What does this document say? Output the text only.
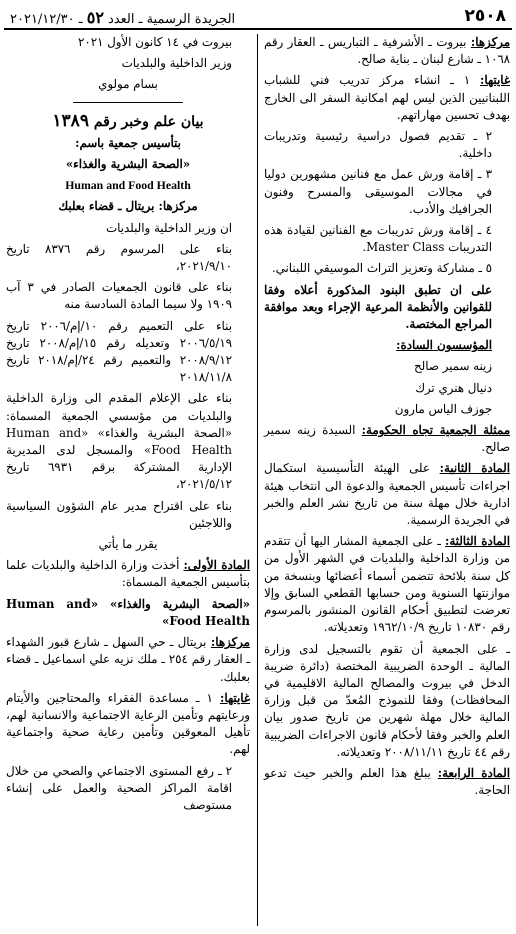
٢٥٠٨
الجريدة الرسمية ـ العدد ٥٢ ـ ٢٠٢١/١٢/٣٠

مركزها: بيروت ـ الأشرفية ـ التباريس ـ العقار رقم ١٠٦٨ ـ شارع لبنان ـ بناية صالح.

غايتها: ١ ـ انشاء مركز تدريب فني للشباب اللبنانيين الذين ليس لهم امكانية السفر الى الخارج بهدف تحسين مهاراتهم.

٢ ـ تقديم فصول دراسية رئيسية وتدريبات داخلية.

٣ ـ إقامة ورش عمل مع فنانين مشهورين دوليا في مجالات الموسيقى والمسرح وفنون الجرافيك والأدب.

٤ ـ إقامة ورش تدريبات مع الفنانين لقيادة هذه التدريبات Master Class.

٥ ـ مشاركة وتعزيز التراث الموسيقي اللبناني.

على ان تطبق البنود المذكورة أعلاه وفقا للقوانين والأنظمة المرعية الإجراء وبعد موافقة المراجع المختصة.

المؤسسون السادة:

زينه سمير صالح

دنيال هنري ترك

جوزف الياس مارون

ممثلة الجمعية تجاه الحكومة: السيدة زينه سمير صالح.

المادة الثانية: على الهيئة التأسيسية استكمال اجراءات تأسيس الجمعية والدعوة الى انتخاب هيئة ادارية خلال مهلة سنة من تاريخ نشر العلم والخبر في الجريدة الرسمية.

المادة الثالثة: ـ على الجمعية المشار اليها أن تتقدم من وزارة الداخلية والبلديات في الشهر الأول من كل سنة بلائحة تتضمن أسماء أعضائها وبنسخة من موازنتها السنوية ومن حسابها القطعي السابق وإلا تعرضت لتطبيق أحكام القانون المنشور بالمرسوم رقم ١٠٨٣٠ تاريخ ١٩٦٢/١٠/٩ وتعديلاته.

ـ على الجمعية أن تقوم بالتسجيل لدى وزارة المالية ـ الوحدة الضريبية المختصة (دائرة ضريبة الدخل في بيروت والمصالح المالية الاقليمية في المحافظات) وفقا للنموذج المُعدّ من قبل وزارة المالية خلال مهلة شهرين من تاريخ صدور بيان العلم والخبر وفقا لأحكام قانون الاجراءات الضريبية رقم ٤٤ تاريخ ٢٠٠٨/١١/١١ وتعديلاته.

المادة الرابعة: يبلغ هذا العلم والخبر حيث تدعو الحاجة.

بيروت في ١٤ كانون الأول ٢٠٢١

وزير الداخلية والبلديات

بسام مولوي

بيان علم وخبر رقم ١٣٨٩

بتأسيس جمعية باسم:

«الصحة البشرية والغذاء»

Human and Food Health

مركزها: بريتال ـ قضاء بعلبك

ان وزير الداخلية والبلديات

بناء على المرسوم رقم ٨٣٧٦ تاريخ ٢٠٢١/٩/١٠،

بناء على قانون الجمعيات الصادر في ٣ آب ١٩٠٩ ولا سيما المادة السادسة منه

بناء على التعميم رقم ١٠/إم/٢٠٠٦ تاريخ ٢٠٠٦/٥/١٩ وتعديله رقم ١٥/إم/٢٠٠٨ تاريخ ٢٠٠٨/٩/١٢ والتعميم رقم ٢٤/إم/٢٠١٨ تاريخ ٢٠١٨/١١/٨

بناء على الإعلام المقدم الى وزارة الداخلية والبلديات من مؤسسي الجمعية المسماة: «الصحة البشرية والغذاء» «Human and Food Health» والمسجل لدى المديرية الإدارية المشتركة برقم ٦٩٣١ تاريخ ٢٠٢١/٥/١٢،

بناء على اقتراح مدير عام الشؤون السياسية واللاجئين

يقرر ما يأتي

المادة الأولى: أخذت وزارة الداخلية والبلديات علما بتأسيس الجمعية المسماة:

«الصحة البشرية والغذاء» «Human and Food Health»

مركزها: بريتال ـ حي السهل ـ شارع قبور الشهداء ـ العقار رقم ٢٥٤ ـ ملك نزيه علي اسماعيل ـ قضاء بعلبك.

غايتها: ١ ـ مساعدة الفقراء والمحتاجين والأيتام ورعايتهم وتأمين الرعاية الاجتماعية والانسانية لهم، تأهيل المعوقين وتأمين رعاية صحية واجتماعية لهم.

٢ ـ رفع المستوى الاجتماعي والصحي من خلال اقامة المراكز الصحية والعمل على إنشاء مستوصف
